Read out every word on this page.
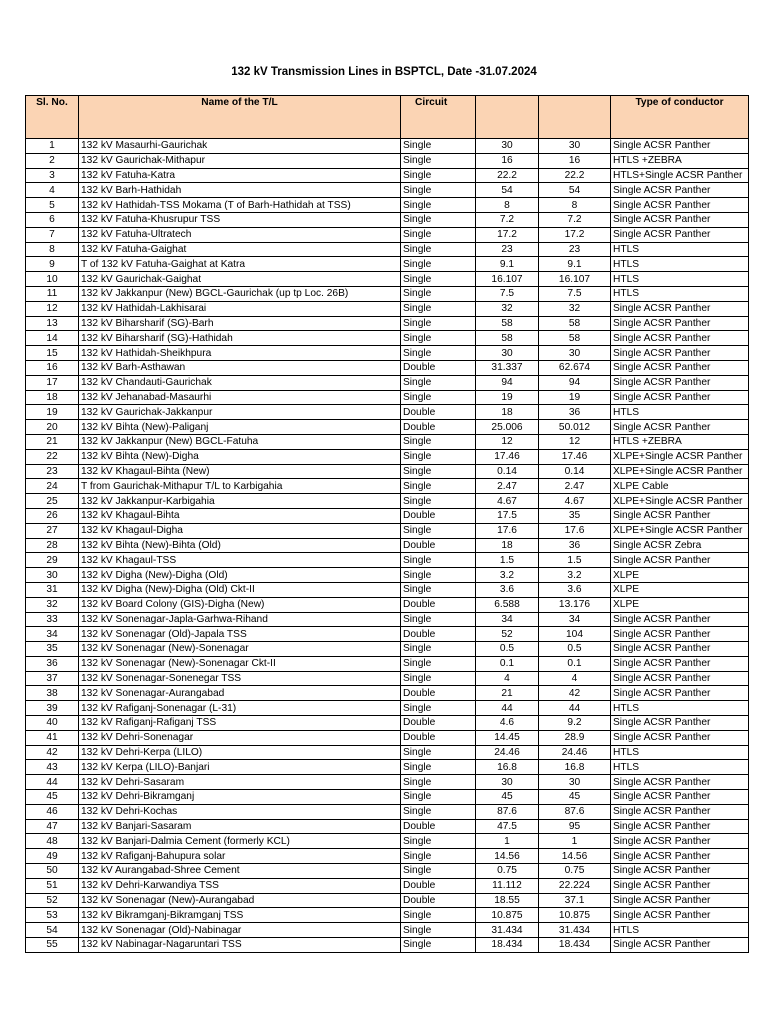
132 kV Transmission Lines in BSPTCL, Date -31.07.2024
Sl. No.	Name of the T/L	Circuit			Type of conductor
1	132 kV Masaurhi-Gaurichak	Single	30	30	Single ACSR Panther
2	132 kV Gaurichak-Mithapur	Single	16	16	HTLS +ZEBRA
3	132 kV Fatuha-Katra	Single	22.2	22.2	HTLS+Single ACSR Panther
4	132 kV Barh-Hathidah	Single	54	54	Single ACSR Panther
5	132 kV Hathidah-TSS Mokama (T of Barh-Hathidah at TSS)	Single	8	8	Single ACSR Panther
6	132 kV Fatuha-Khusrupur TSS	Single	7.2	7.2	Single ACSR Panther
7	132 kV Fatuha-Ultratech	Single	17.2	17.2	Single ACSR Panther
8	132 kV Fatuha-Gaighat	Single	23	23	HTLS
9	T of 132 kV Fatuha-Gaighat at Katra	Single	9.1	9.1	HTLS
10	132 kV Gaurichak-Gaighat	Single	16.107	16.107	HTLS
11	132 kV Jakkanpur (New) BGCL-Gaurichak (up tp Loc. 26B)	Single	7.5	7.5	HTLS
12	132 kV Hathidah-Lakhisarai	Single	32	32	Single ACSR Panther
13	132 kV Biharsharif (SG)-Barh	Single	58	58	Single ACSR Panther
14	132 kV Biharsharif (SG)-Hathidah	Single	58	58	Single ACSR Panther
15	132 kV Hathidah-Sheikhpura	Single	30	30	Single ACSR Panther
16	132 kV Barh-Asthawan	Double	31.337	62.674	Single ACSR Panther
17	132 kV Chandauti-Gaurichak	Single	94	94	Single ACSR Panther
18	132 kV Jehanabad-Masaurhi	Single	19	19	Single ACSR Panther
19	132 kV Gaurichak-Jakkanpur	Double	18	36	HTLS
20	132 kV Bihta (New)-Paliganj	Double	25.006	50.012	Single ACSR Panther
21	132 kV Jakkanpur (New) BGCL-Fatuha	Single	12	12	HTLS +ZEBRA
22	132 kV Bihta (New)-Digha	Single	17.46	17.46	XLPE+Single ACSR Panther
23	132 kV Khagaul-Bihta (New)	Single	0.14	0.14	XLPE+Single ACSR Panther
24	T from Gaurichak-Mithapur T/L to Karbigahia	Single	2.47	2.47	XLPE Cable
25	132 kV Jakkanpur-Karbigahia	Single	4.67	4.67	XLPE+Single ACSR Panther
26	132 kV Khagaul-Bihta	Double	17.5	35	Single ACSR Panther
27	132 kV Khagaul-Digha	Single	17.6	17.6	XLPE+Single ACSR Panther
28	132 kV Bihta (New)-Bihta (Old)	Double	18	36	Single ACSR Zebra
29	132 kV Khagaul-TSS	Single	1.5	1.5	Single ACSR Panther
30	132 kV Digha (New)-Digha (Old)	Single	3.2	3.2	XLPE
31	132 kV Digha (New)-Digha (Old) Ckt-II	Single	3.6	3.6	XLPE
32	132 kV Board Colony (GIS)-Digha (New)	Double	6.588	13.176	XLPE
33	132 kV Sonenagar-Japla-Garhwa-Rihand	Single	34	34	Single ACSR Panther
34	132 kV Sonenagar (Old)-Japala TSS	Double	52	104	Single ACSR Panther
35	132 kV Sonenagar (New)-Sonenagar	Single	0.5	0.5	Single ACSR Panther
36	132 kV Sonenagar (New)-Sonenagar Ckt-II	Single	0.1	0.1	Single ACSR Panther
37	132 kV Sonenagar-Sonenegar TSS	Single	4	4	Single ACSR Panther
38	132 kV Sonenagar-Aurangabad	Double	21	42	Single ACSR Panther
39	132 kV Rafiganj-Sonenagar (L-31)	Single	44	44	HTLS
40	132 kV Rafiganj-Rafiganj TSS	Double	4.6	9.2	Single ACSR Panther
41	132 kV Dehri-Sonenagar	Double	14.45	28.9	Single ACSR Panther
42	132 kV Dehri-Kerpa (LILO)	Single	24.46	24.46	HTLS
43	132 kV Kerpa (LILO)-Banjari	Single	16.8	16.8	HTLS
44	132 kV Dehri-Sasaram	Single	30	30	Single ACSR Panther
45	132 kV Dehri-Bikramganj	Single	45	45	Single ACSR Panther
46	132 kV Dehri-Kochas	Single	87.6	87.6	Single ACSR Panther
47	132 kV Banjari-Sasaram	Double	47.5	95	Single ACSR Panther
48	132 kV Banjari-Dalmia Cement (formerly KCL)	Single	1	1	Single ACSR Panther
49	132 kV Rafiganj-Bahupura solar	Single	14.56	14.56	Single ACSR Panther
50	132 kV Aurangabad-Shree Cement	Single	0.75	0.75	Single ACSR Panther
51	132 kV Dehri-Karwandiya TSS	Double	11.112	22.224	Single ACSR Panther
52	132 kV Sonenagar (New)-Aurangabad	Double	18.55	37.1	Single ACSR Panther
53	132 kV Bikramganj-Bikramganj TSS	Single	10.875	10.875	Single ACSR Panther
54	132 kV Sonenagar (Old)-Nabinagar	Single	31.434	31.434	HTLS
55	132 kV Nabinagar-Nagaruntari TSS	Single	18.434	18.434	Single ACSR Panther
